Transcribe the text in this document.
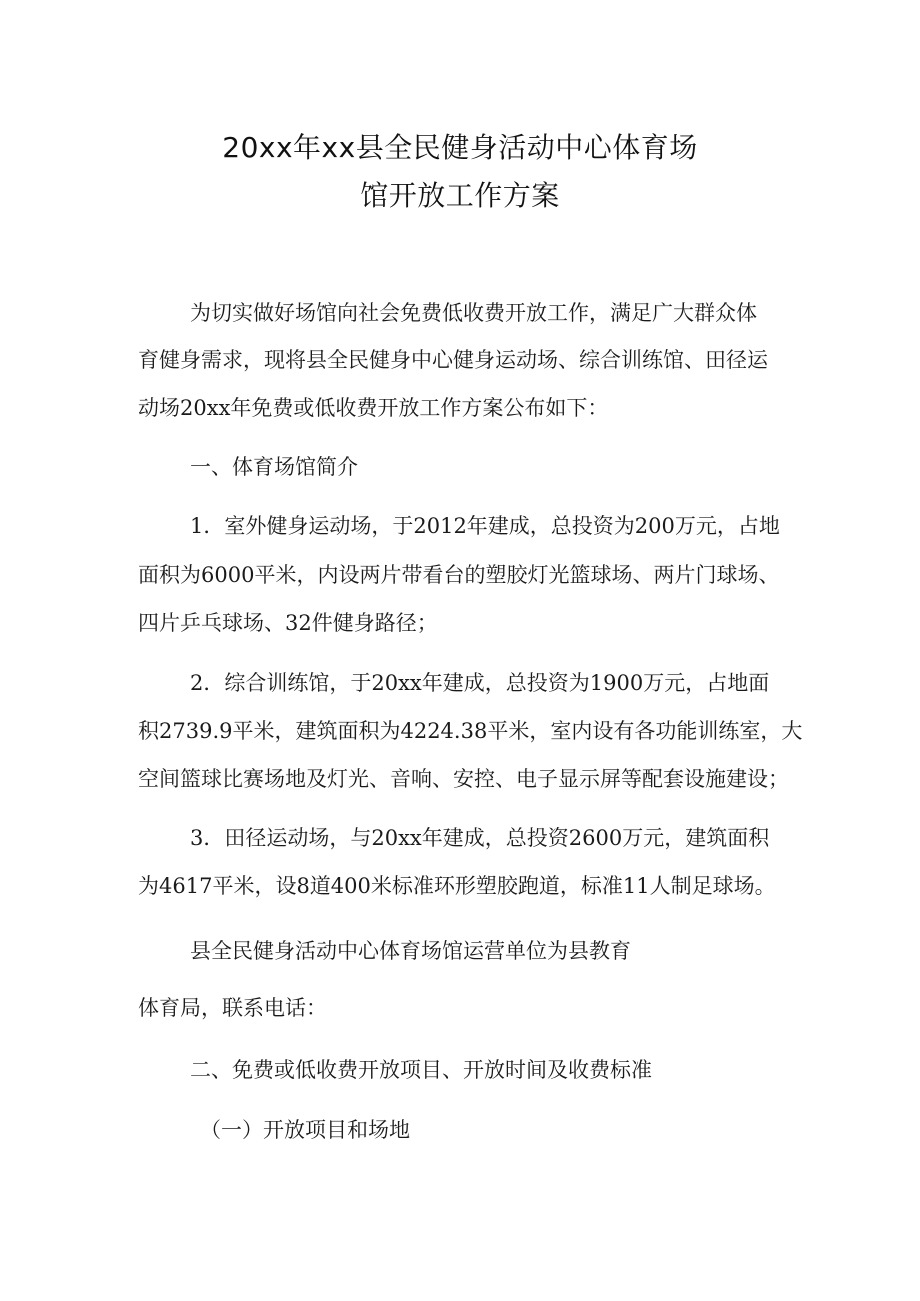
20xx年xx县全民健身活动中心体育场
馆开放工作方案
为切实做好场馆向社会免费低收费开放工作，满足广大群众体
育健身需求，现将县全民健身中心健身运动场、综合训练馆、田径运
动场20xx年免费或低收费开放工作方案公布如下：
一、体育场馆简介
1．室外健身运动场，于2012年建成，总投资为200万元，占地
面积为6000平米，内设两片带看台的塑胶灯光篮球场、两片门球场、
四片乒乓球场、32件健身路径；
2．综合训练馆，于20xx年建成，总投资为1900万元，占地面
积2739.9平米，建筑面积为4224.38平米，室内设有各功能训练室，大
空间篮球比赛场地及灯光、音响、安控、电子显示屏等配套设施建设；
3．田径运动场，与20xx年建成，总投资2600万元，建筑面积
为4617平米，设8道400米标准环形塑胶跑道，标准11人制足球场。
县全民健身活动中心体育场馆运营单位为县教育
体育局，联系电话：
二、免费或低收费开放项目、开放时间及收费标准
（一）开放项目和场地
